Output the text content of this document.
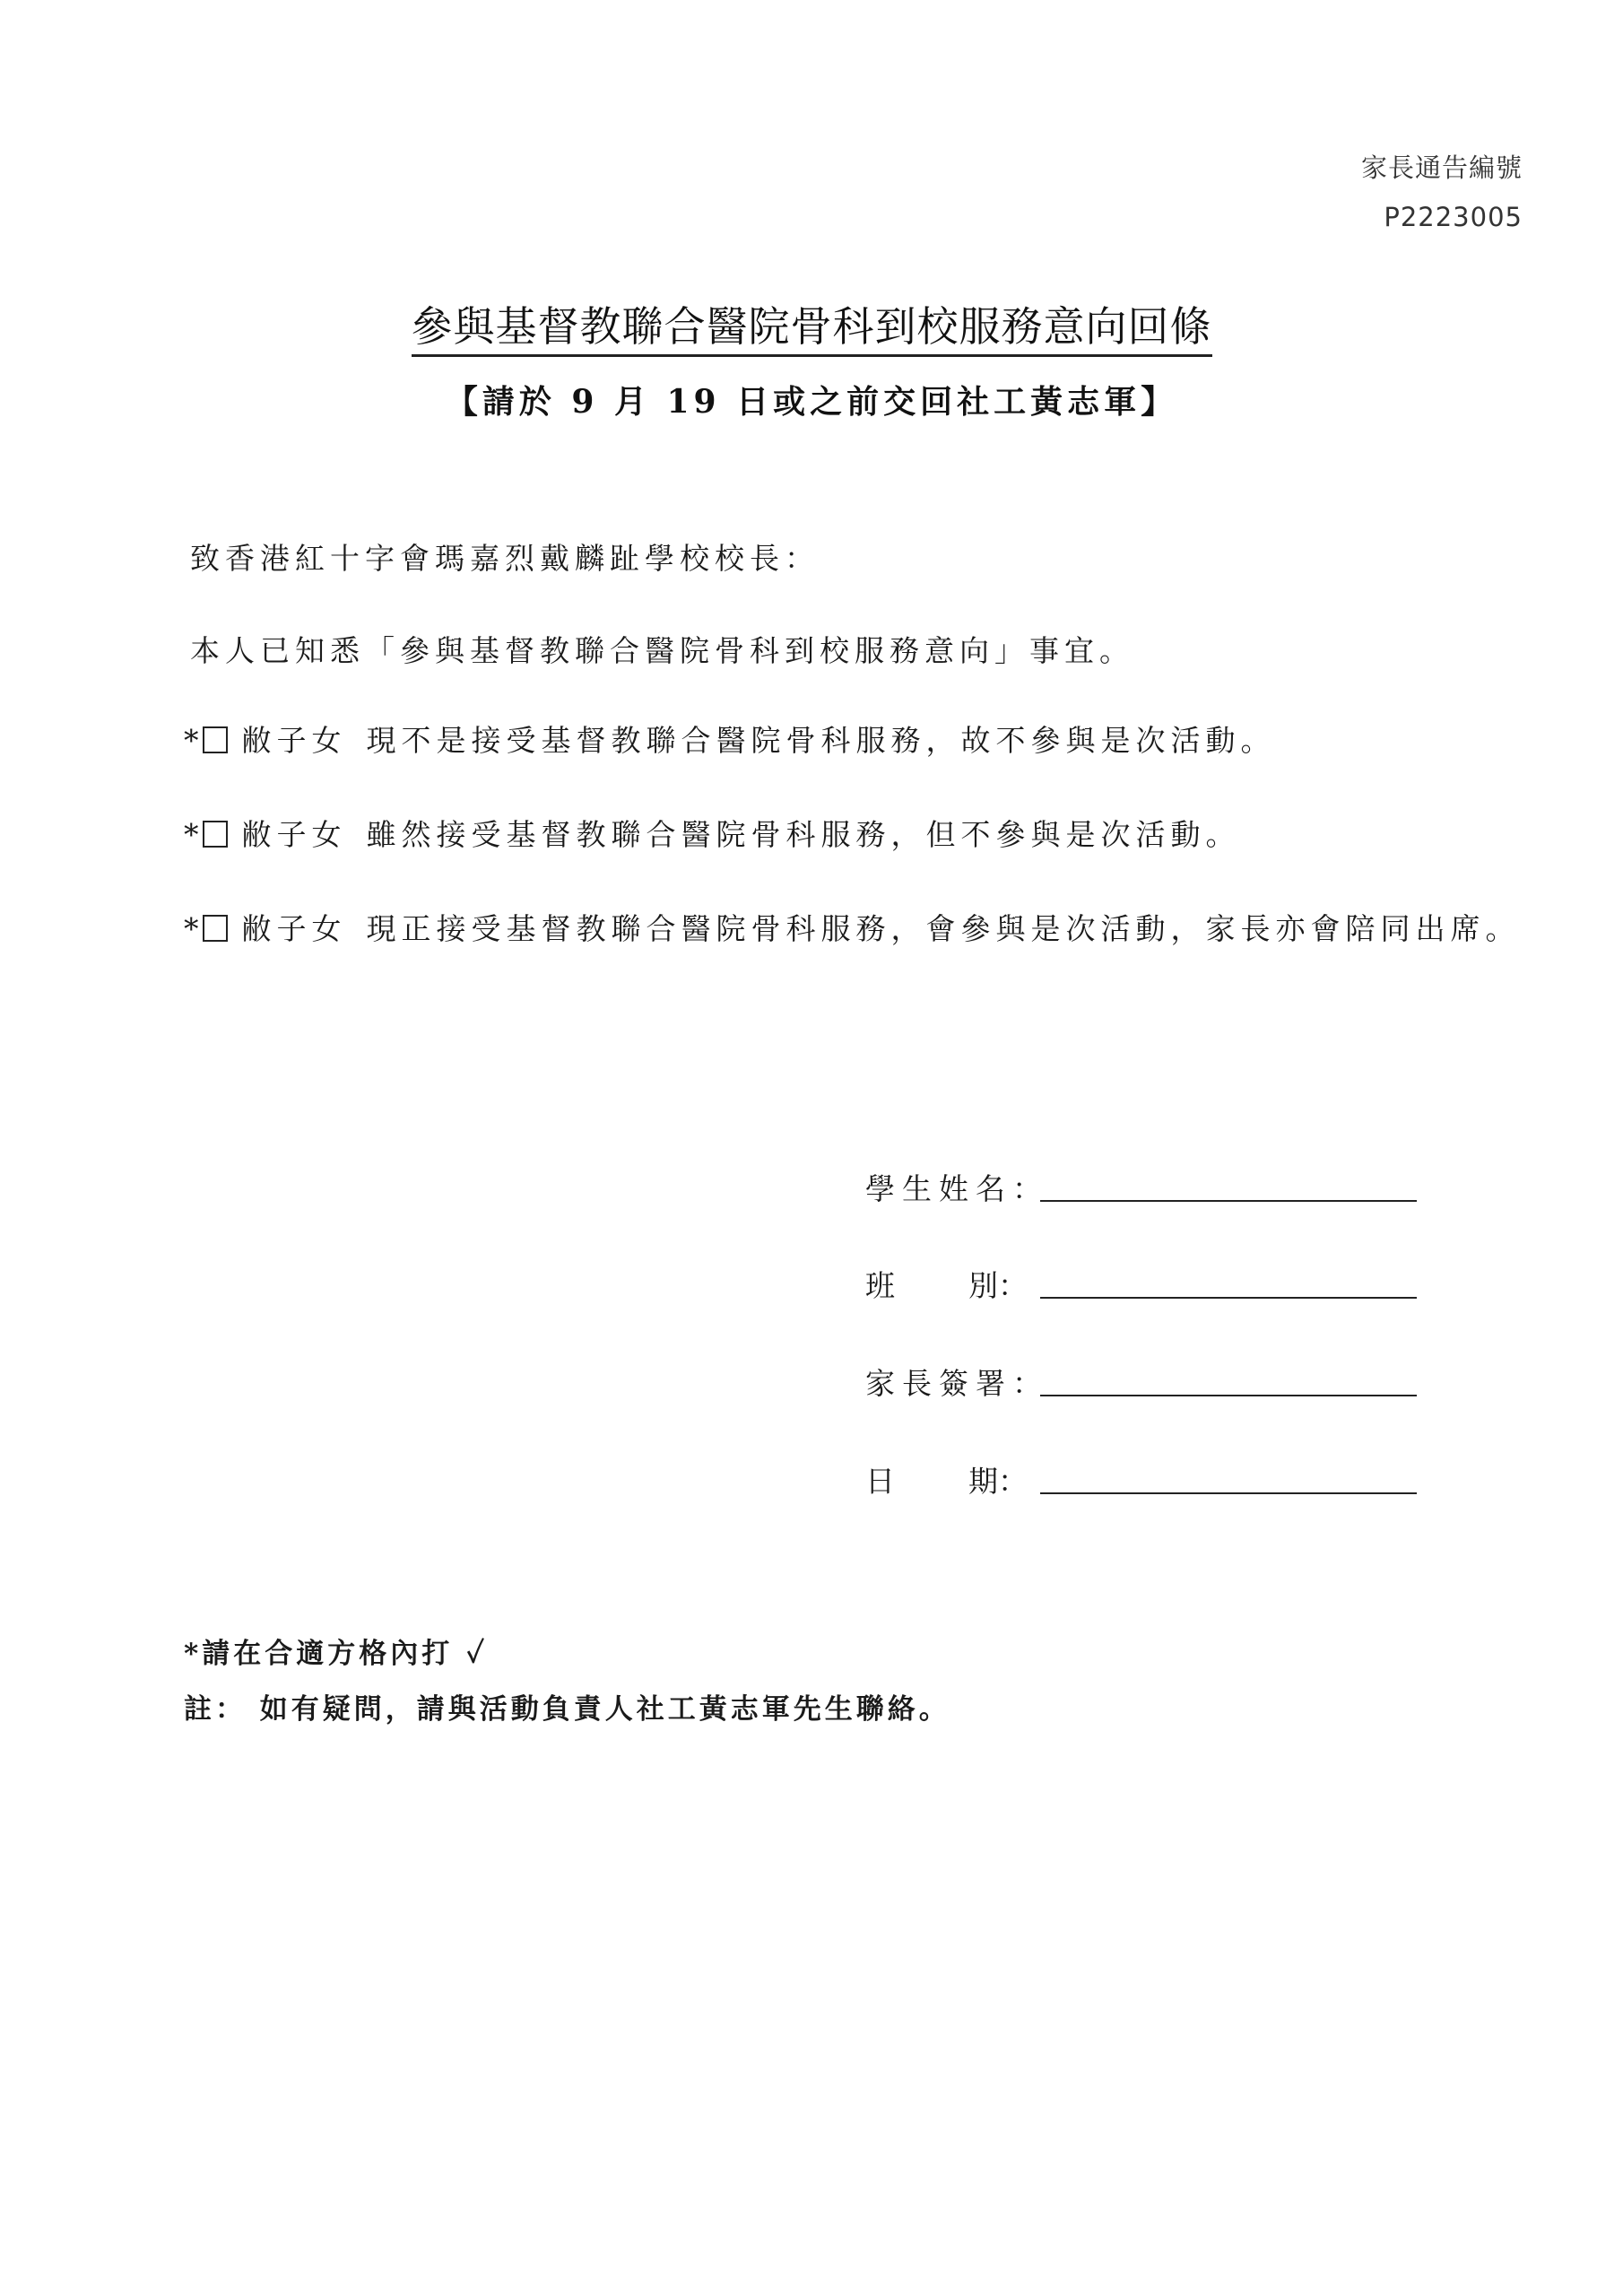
家長通告編號
P2223005
參與基督教聯合醫院骨科到校服務意向回條
【請於 9 月 19 日或之前交回社工黃志軍】
致香港紅十字會瑪嘉烈戴麟趾學校校長：
本人已知悉「參與基督教聯合醫院骨科到校服務意向」事宜。
* 敝子女 現不是接受基督教聯合醫院骨科服務，故不參與是次活動。
* 敝子女 雖然接受基督教聯合醫院骨科服務，但不參與是次活動。
* 敝子女 現正接受基督教聯合醫院骨科服務，會參與是次活動，家長亦會陪同出席。
學生姓名：
班 別：
家長簽署：
日 期：
*請在合適方格內打 ✓
註： 如有疑問，請與活動負責人社工黃志軍先生聯絡。
